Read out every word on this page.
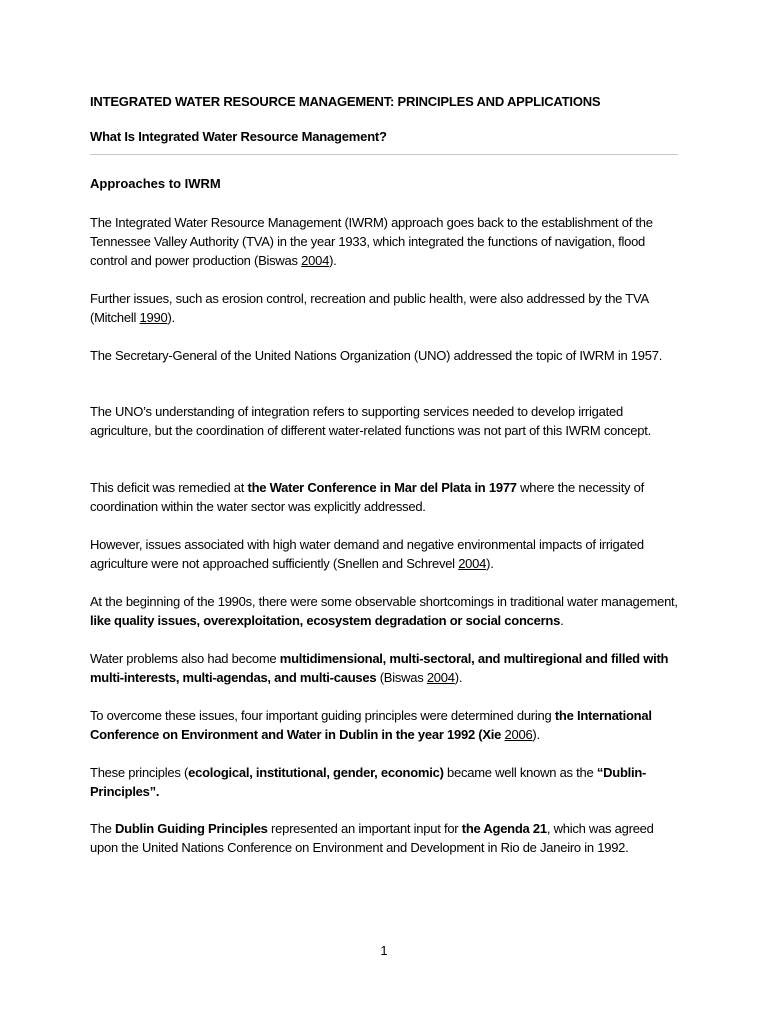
INTEGRATED WATER RESOURCE MANAGEMENT: PRINCIPLES AND APPLICATIONS
What Is Integrated Water Resource Management?
Approaches to IWRM

The Integrated Water Resource Management (IWRM) approach goes back to the establishment of the Tennessee Valley Authority (TVA) in the year 1933, which integrated the functions of navigation, flood control and power production (Biswas 2004).

Further issues, such as erosion control, recreation and public health, were also addressed by the TVA (Mitchell 1990).

The Secretary-General of the United Nations Organization (UNO) addressed the topic of IWRM in 1957.

The UNO’s understanding of integration refers to supporting services needed to develop irrigated agriculture, but the coordination of different water-related functions was not part of this IWRM concept.

This deficit was remedied at the Water Conference in Mar del Plata in 1977 where the necessity of coordination within the water sector was explicitly addressed.

However, issues associated with high water demand and negative environmental impacts of irrigated agriculture were not approached sufficiently (Snellen and Schrevel 2004).

At the beginning of the 1990s, there were some observable shortcomings in traditional water management, like quality issues, overexploitation, ecosystem degradation or social concerns.

Water problems also had become multidimensional, multi-sectoral, and multiregional and filled with multi-interests, multi-agendas, and multi-causes (Biswas 2004).

To overcome these issues, four important guiding principles were determined during the International Conference on Environment and Water in Dublin in the year 1992 (Xie 2006).

These principles (ecological, institutional, gender, economic) became well known as the “Dublin-Principles”.

The Dublin Guiding Principles represented an important input for the Agenda 21, which was agreed upon the United Nations Conference on Environment and Development in Rio de Janeiro in 1992.

1
